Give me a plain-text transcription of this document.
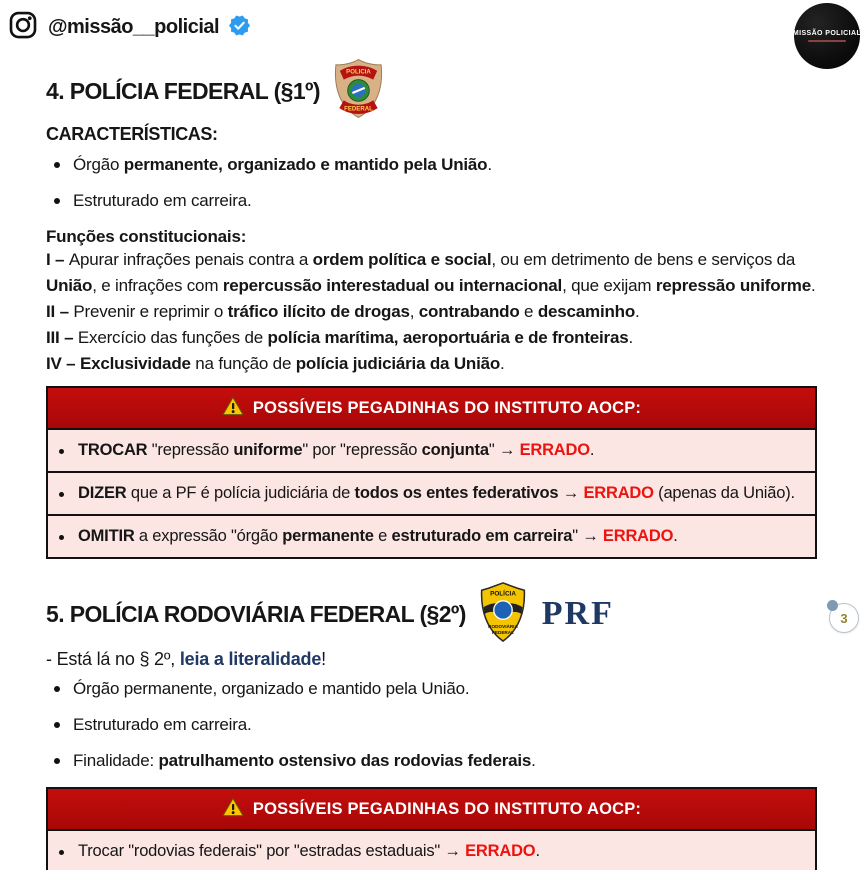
@missão__policial	MISSÃO POLICIAL
4. POLÍCIA FEDERAL (§1º)
POLICIA
FEDERAL
CARACTERÍSTICAS:
Órgão permanente, organizado e mantido pela União.
Estruturado em carreira.

Funções constitucionais:

I – Apurar infrações penais contra a ordem política e social, ou em detrimento de bens e serviços da União, e infrações com repercussão interestadual ou internacional, que exijam repressão uniforme.

II – Prevenir e reprimir o tráfico ilícito de drogas, contrabando e descaminho.

III – Exercício das funções de polícia marítima, aeroportuária e de fronteiras.

IV – Exclusividade na função de polícia judiciária da União.

POSSÍVEIS PEGADINHAS DO INSTITUTO AOCP:
TROCAR "repressão uniforme" por "repressão conjunta" → ERRADO.
DIZER que a PF é polícia judiciária de todos os entes federativos → ERRADO (apenas da União).
OMITIR a expressão "órgão permanente e estruturado em carreira" → ERRADO.
5. POLÍCIA RODOVIÁRIA FEDERAL (§2º)
POLÍCIA
RODOVIÁRIA
FEDERAL PRF

- Está lá no § 2º, leia a literalidade!

Órgão permanente, organizado e mantido pela União.
Estruturado em carreira.
Finalidade: patrulhamento ostensivo das rodovias federais.
POSSÍVEIS PEGADINHAS DO INSTITUTO AOCP:
Trocar "rodovias federais" por "estradas estaduais" → ERRADO.
3
